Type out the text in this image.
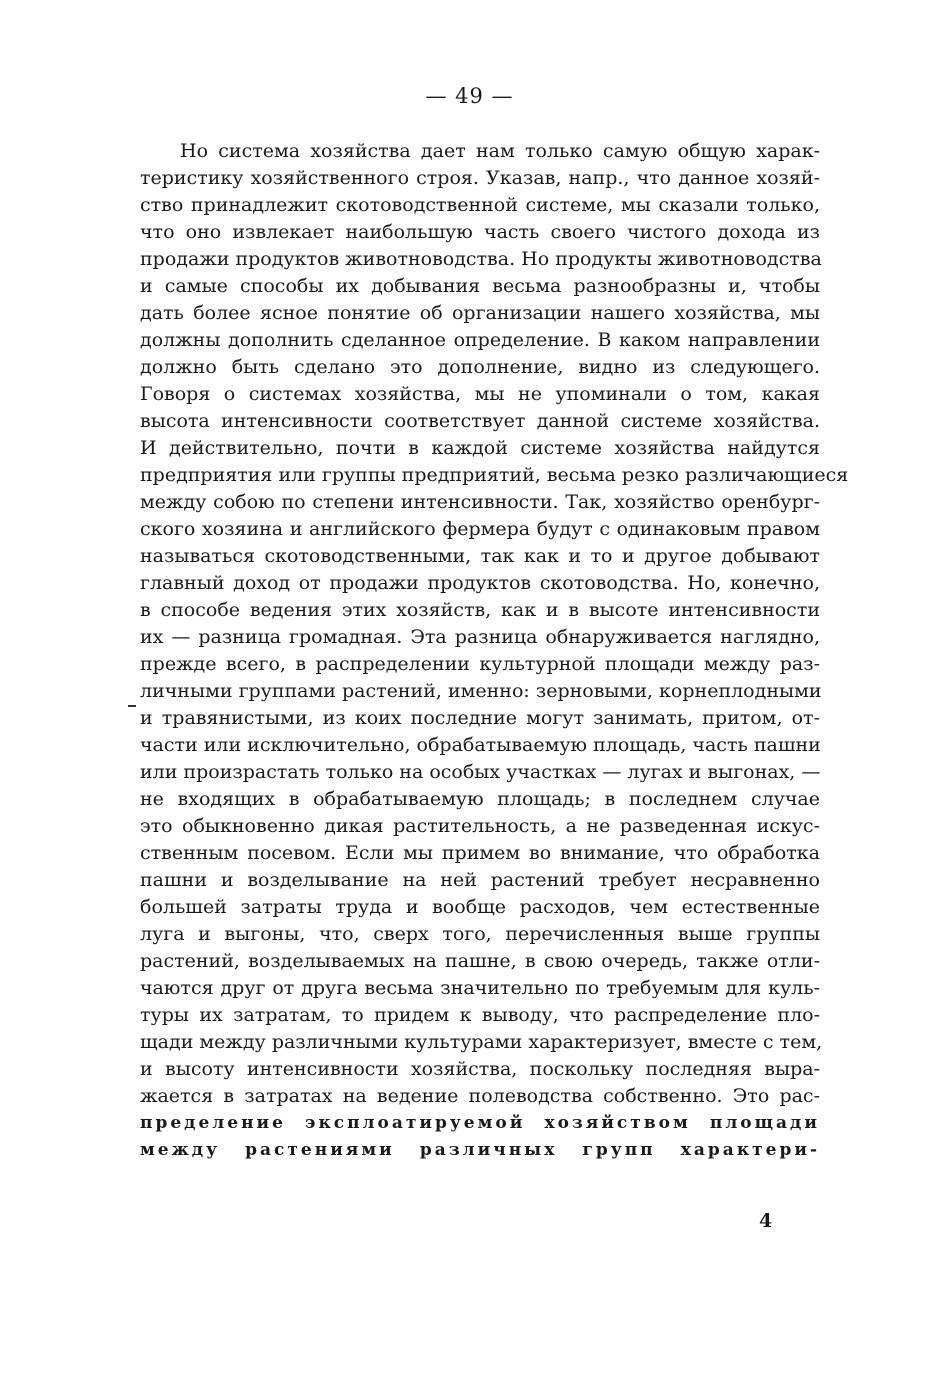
— 49 —
Но система хозяйства дает нам только самую общую харак-
теристику хозяйственного строя. Указав, напр., что данное хозяй-
ство принадлежит скотоводственной системе, мы сказали только,
что оно извлекает наибольшую часть своего чистого дохода из
продажи продуктов животноводства. Но продукты животноводства
и самые способы их добывания весьма разнообразны и, чтобы
дать более ясное понятие об организации нашего хозяйства, мы
должны дополнить сделанное определение. В каком направлении
должно быть сделано это дополнение, видно из следующего.
Говоря о системах хозяйства, мы не упоминали о том, какая
высота интенсивности соответствует данной системе хозяйства.
И действительно, почти в каждой системе хозяйства найдутся
предприятия или группы предприятий, весьма резко различающиеся
между собою по степени интенсивности. Так, хозяйство оренбург-
ского хозяина и английского фермера будут с одинаковым правом
называться скотоводственными, так как и то и другое добывают
главный доход от продажи продуктов скотоводства. Но, конечно,
в способе ведения этих хозяйств, как и в высоте интенсивности
их — разница громадная. Эта разница обнаруживается наглядно,
прежде всего, в распределении культурной площади между раз-
личными группами растений, именно: зерновыми, корнеплодными
и травянистыми, из коих последние могут занимать, притом, от-
части или исключительно, обрабатываемую площадь, часть пашни
или произрастать только на особых участках — лугах и выгонах, —
не входящих в обрабатываемую площадь; в последнем случае
это обыкновенно дикая растительность, а не разведенная искус-
ственным посевом. Если мы примем во внимание, что обработка
пашни и возделывание на ней растений требует несравненно
большей затраты труда и вообще расходов, чем естественные
луга и выгоны, что, сверх того, перечисленныя выше группы
растений, возделываемых на пашне, в свою очередь, также отли-
чаются друг от друга весьма значительно по требуемым для куль-
туры их затратам, то придем к выводу, что распределение пло-
щади между различными культурами характеризует, вместе с тем,
и высоту интенсивности хозяйства, поскольку последняя выра-
жается в затратах на ведение полеводства собственно. Это рас-
пределение эксплоатируемой хозяйством площади
между растениями различных групп характери-
4
